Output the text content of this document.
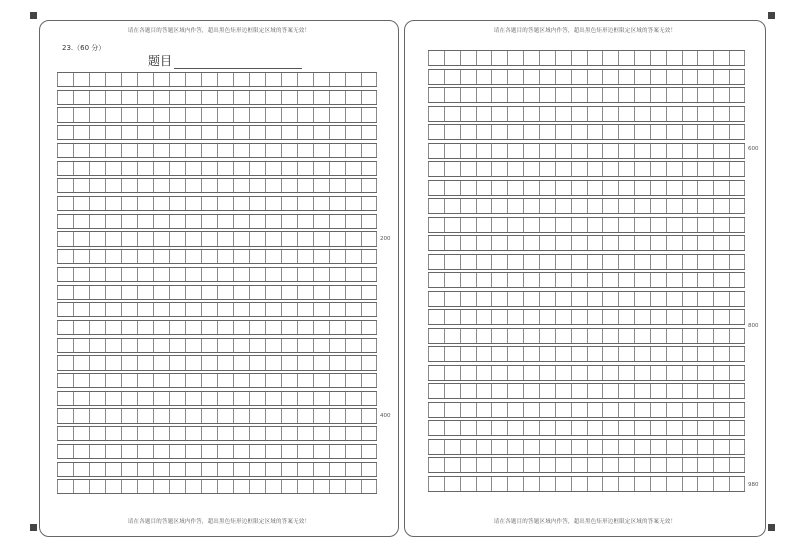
请在各题目的答题区域内作答，超出黑色矩形边框限定区域的答案无效！
请在各题目的答题区域内作答，超出黑色矩形边框限定区域的答案无效！
23.（60 分）
题目
200
400
请在各题目的答题区域内作答，超出黑色矩形边框限定区域的答案无效！
请在各题目的答题区域内作答，超出黑色矩形边框限定区域的答案无效！
600
800
980
